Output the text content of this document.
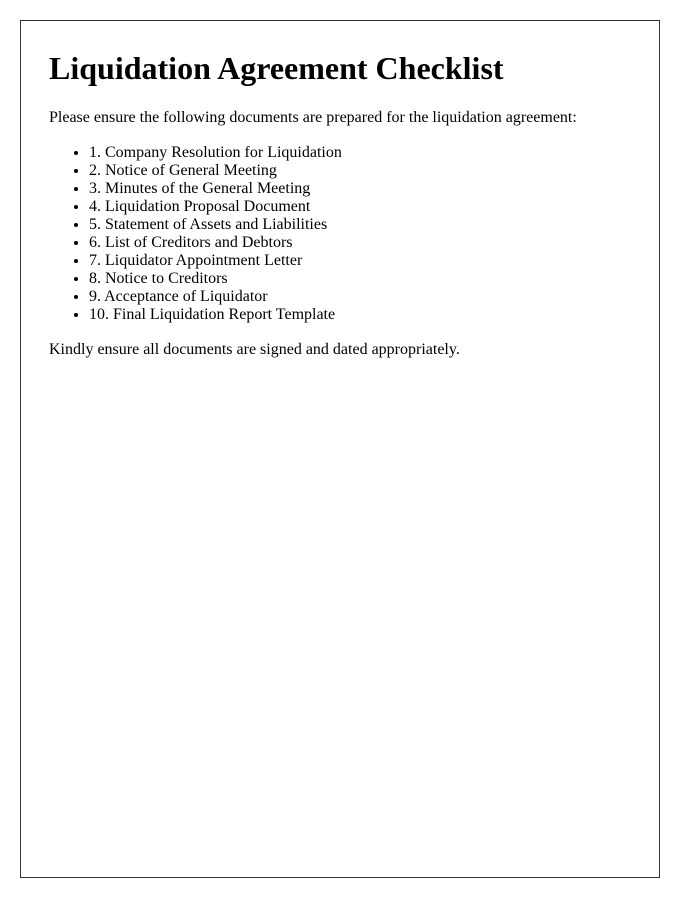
Liquidation Agreement Checklist

Please ensure the following documents are prepared for the liquidation agreement:

• 1. Company Resolution for Liquidation
• 2. Notice of General Meeting
• 3. Minutes of the General Meeting
• 4. Liquidation Proposal Document
• 5. Statement of Assets and Liabilities
• 6. List of Creditors and Debtors
• 7. Liquidator Appointment Letter
• 8. Notice to Creditors
• 9. Acceptance of Liquidator
• 10. Final Liquidation Report Template

Kindly ensure all documents are signed and dated appropriately.
